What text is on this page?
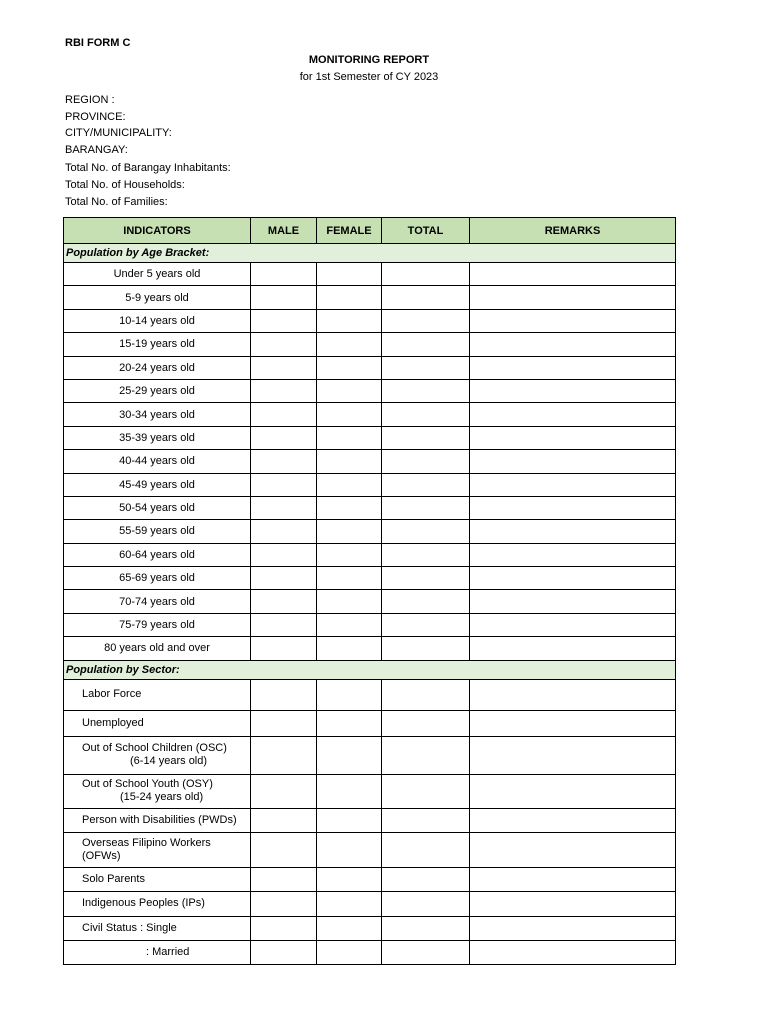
RBI FORM C
MONITORING REPORT
for 1st Semester of CY 2023
REGION :
PROVINCE:
CITY/MUNICIPALITY:
BARANGAY:
Total No. of Barangay Inhabitants:
Total No. of Households:
Total No. of Families:
INDICATORS	MALE	FEMALE	TOTAL	REMARKS
Population by Age Bracket:				
Under 5 years old				
5-9 years old				
10-14 years old				
15-19 years old				
20-24 years old				
25-29 years old				
30-34 years old				
35-39 years old				
40-44 years old				
45-49 years old				
50-54 years old				
55-59 years old				
60-64 years old				
65-69 years old				
70-74 years old				
75-79 years old				
80 years old and over				
Population by Sector:				
Labor Force				
Unemployed				
Out of School Children (OSC)
(6-14 years old)				

Out of School Youth (OSY)
(15-24 years old)				

Person with Disabilities (PWDs)				
Overseas Filipino Workers
(OFWs)				
Solo Parents				
Indigenous Peoples (IPs)				
Civil Status : Single				
: Married				
